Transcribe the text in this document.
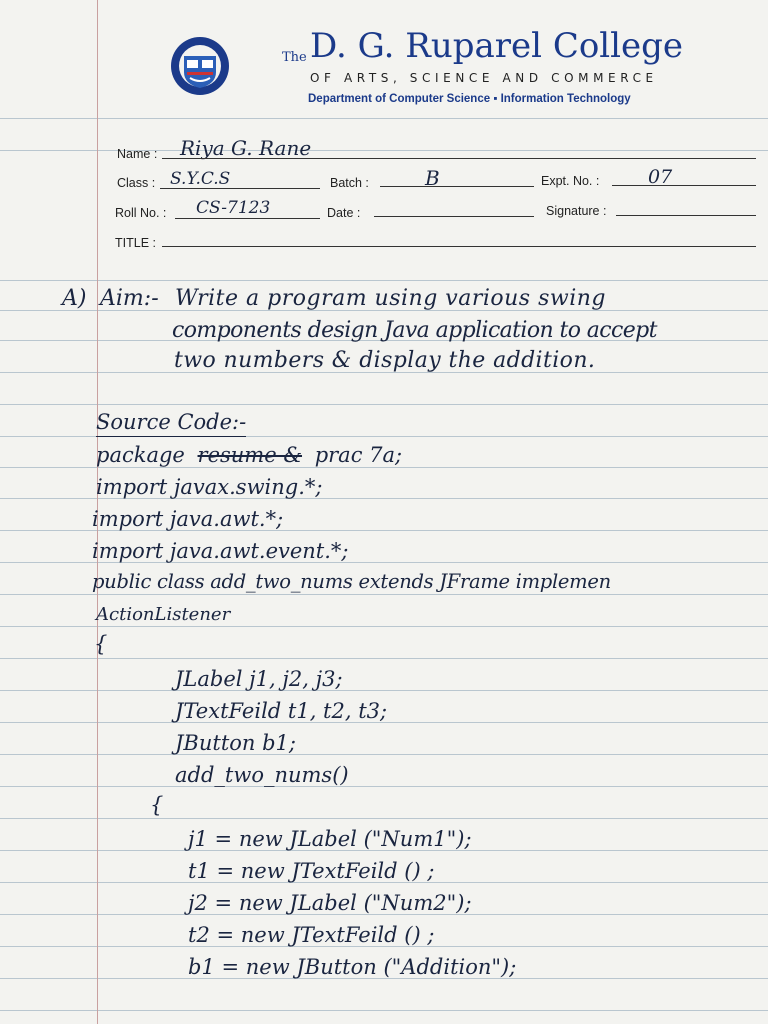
The D. G. Ruparel College
OF ARTS, SCIENCE AND COMMERCE
Department of Computer Science ▪ Information Technology
Name : Riya G. Rane
Class : S.Y.C.S	Batch :	B	Expt. No. :	07
Roll No. : CS-7123	Date :	Signature :
TITLE :
A) Aim:- Write a program using various swing
components design Java application to accept
two numbers & display the addition.
Source Code:-
package resume & prac 7a;
import javax.swing.*;
import java.awt.*;
import java.awt.event.*;
public class add_two_nums extends JFrame implemen
ActionListener
{
JLabel j1, j2, j3;
JTextFeild t1, t2, t3;
JButton b1;
add_two_nums()
{
j1 = new JLabel ("Num1");
t1 = new JTextFeild () ;
j2 = new JLabel ("Num2");
t2 = new JTextFeild () ;
b1 = new JButton ("Addition");
